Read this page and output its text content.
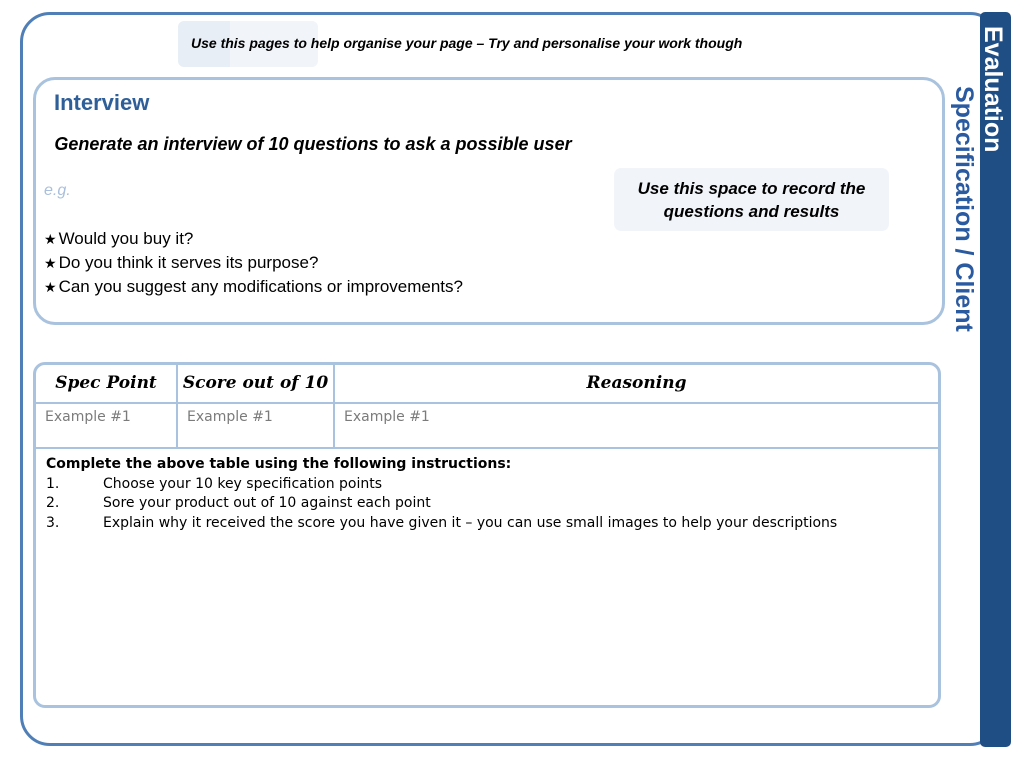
Evaluation
Specification / Client
Use this pages to help organise your page – Try and personalise your work though
Interview
Generate an interview of 10 questions to ask a possible user
e.g.
★ Would you buy it?
★ Do you think it serves its purpose?
★ Can you suggest any modifications or improvements?
Use this space to record the questions and results
Spec Point	Score out of 10	Reasoning
Example #1	Example #1	Example #1
Complete the above table using the following instructions:
1.	Choose your 10 key specification points
2.	Sore your product out of 10 against each point
3.	Explain why it received the score you have given it – you can use small images to help your descriptions
